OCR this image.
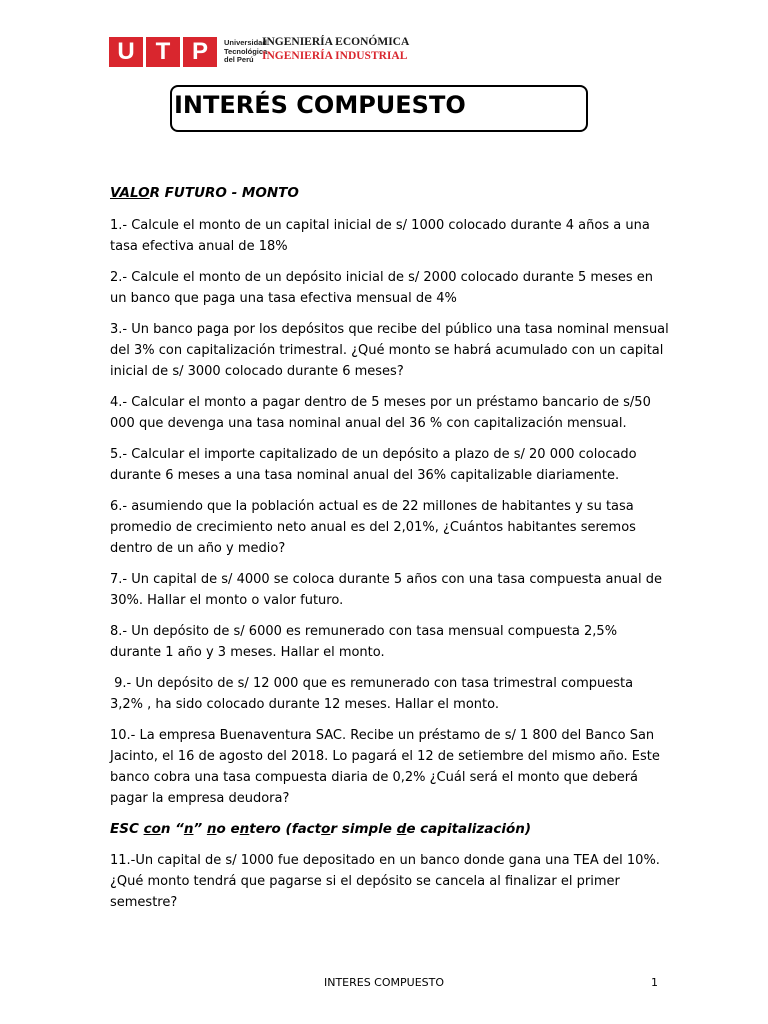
U T P	Universidad
Tecnológica
del Perú
INGENIERÍA ECONÓMICA
INGENIERÍA INDUSTRIAL
INTERÉS COMPUESTO
VALOR FUTURO - MONTO

1.- Calcule el monto de un capital inicial de s/ 1000 colocado durante 4 años a una tasa efectiva anual de 18%

2.- Calcule el monto de un depósito inicial de s/ 2000 colocado durante 5 meses en un banco que paga una tasa efectiva mensual de 4%

3.- Un banco paga por los depósitos que recibe del público una tasa nominal mensual del 3% con capitalización trimestral. ¿Qué monto se habrá acumulado con un capital inicial de s/ 3000 colocado durante 6 meses?

4.- Calcular el monto a pagar dentro de 5 meses por un préstamo bancario de s/50 000 que devenga una tasa nominal anual del 36 % con capitalización mensual.

5.- Calcular el importe capitalizado de un depósito a plazo de s/ 20 000 colocado durante 6 meses a una tasa nominal anual del 36% capitalizable diariamente.

6.- asumiendo que la población actual es de 22 millones de habitantes y su tasa promedio de crecimiento neto anual es del 2,01%, ¿Cuántos habitantes seremos dentro de un año y medio?

7.- Un capital de s/ 4000 se coloca durante 5 años con una tasa compuesta anual de 30%. Hallar el monto o valor futuro.

8.- Un depósito de s/ 6000 es remunerado con tasa mensual compuesta 2,5% durante 1 año y 3 meses. Hallar el monto.

9.- Un depósito de s/ 12 000 que es remunerado con tasa trimestral compuesta 3,2% , ha sido colocado durante 12 meses. Hallar el monto.

10.- La empresa Buenaventura SAC. Recibe un préstamo de s/ 1 800 del Banco San Jacinto, el 16 de agosto del 2018. Lo pagará el 12 de setiembre del mismo año. Este banco cobra una tasa compuesta diaria de 0,2% ¿Cuál será el monto que deberá pagar la empresa deudora?

ESC con “n” no entero (factor simple de capitalización)

11.-Un capital de s/ 1000 fue depositado en un banco donde gana una TEA del 10%. ¿Qué monto tendrá que pagarse si el depósito se cancela al finalizar el primer semestre?

INTERES COMPUESTO	1
